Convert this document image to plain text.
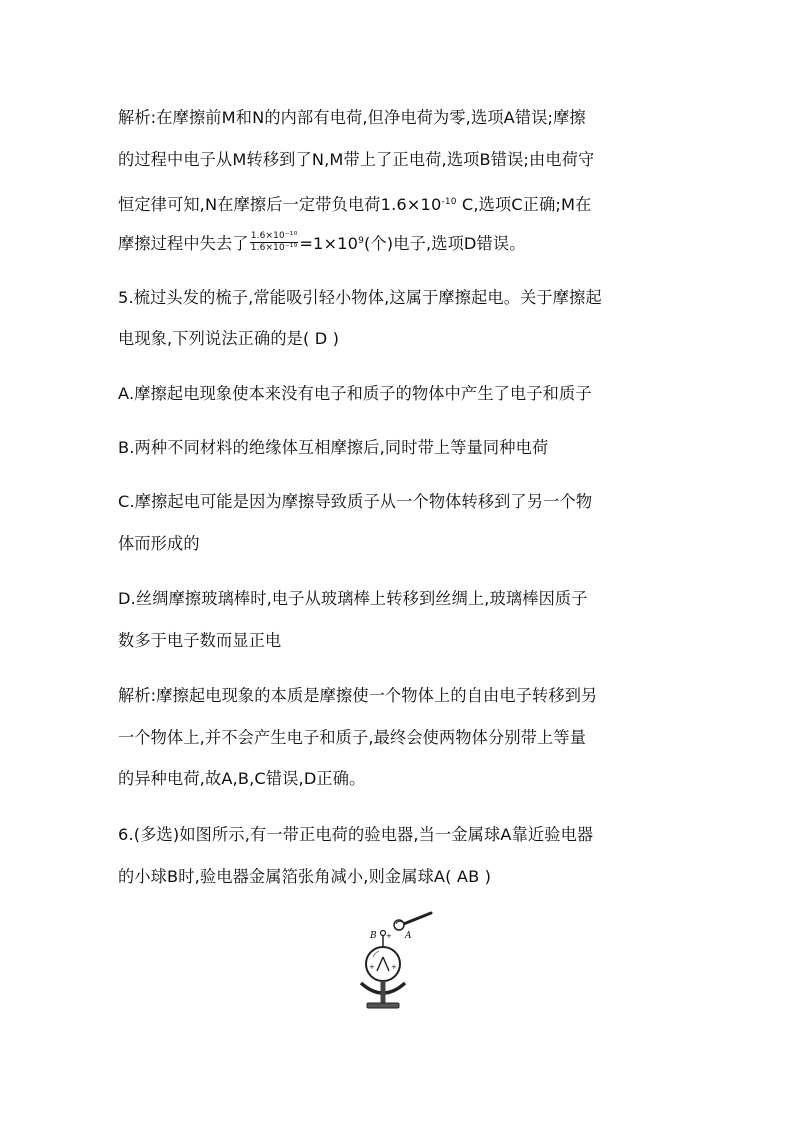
解析:在摩擦前M和N的内部有电荷,但净电荷为零,选项A错误;摩擦
的过程中电子从M转移到了N,M带上了正电荷,选项B错误;由电荷守
恒定律可知,N在摩擦后一定带负电荷$1.6\times 10^{-10}$ C,选项C正确;M在
摩擦过程中失去了 $\frac{\text{1.6×10⁻¹⁰}}{\text{1.6×10⁻¹⁹}} =1\times 10^9$(个)电子,选项D错误。
5.梳过头发的梳子,常能吸引轻小物体,这属于摩擦起电。关于摩擦起
电现象,下列说法正确的是( D )
A.摩擦起电现象使本来没有电子和质子的物体中产生了电子和质子
B.两种不同材料的绝缘体互相摩擦后,同时带上等量同种电荷
C.摩擦起电可能是因为摩擦导致质子从一个物体转移到了另一个物
体而形成的
D.丝绸摩擦玻璃棒时,电子从玻璃棒上转移到丝绸上,玻璃棒因质子
数多于电子数而显正电
解析:摩擦起电现象的本质是摩擦使一个物体上的自由电子转移到另
一个物体上,并不会产生电子和质子,最终会使两物体分别带上等量
的异种电荷,故A,B,C错误,D正确。
6.(多选)如图所示,有一带正电荷的验电器,当一金属球A靠近验电器
的小球B时,验电器金属箔张角减小,则金属球A( AB )
B	A
+
+ +
